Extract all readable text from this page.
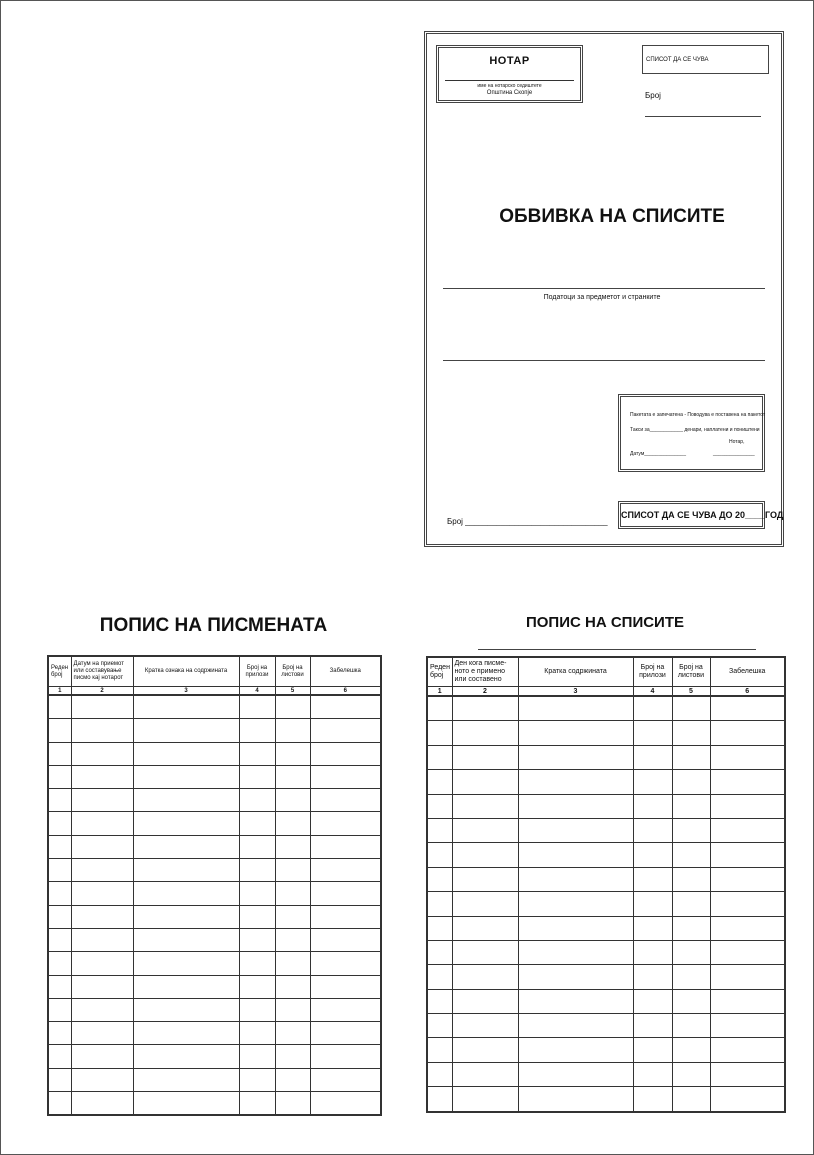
НОТАР
име на нотарско седиштете
Општина Скопје
СПИСОТ ДА СЕ ЧУВА
Број
ОБВИВКА НА СПИСИТЕ
Податоци за предметот и странките
Пакетата е запечатена - Поводува е поставена на пакетот
Такси за____________ денари, наплатени и поништени
Нотар,
Датум_______________	_______________
Број ________________________________
СПИСОТ ДА СЕ ЧУВА ДО 20____ГОД
ПОПИС НА ПИСМЕНАТА
Реден број	Датум на приемот или составување писмо кај нотарот	Кратка ознака на содржината	Број на прилози	Број на листови	Забелешка
1	2	3	4	5	6

ПОПИС НА СПИСИТЕ
Реден број	Ден кога писме-ното е примено или составено	Кратка содржината	Број на прилози	Број на листови	Забелешка
1	2	3	4	5	6
